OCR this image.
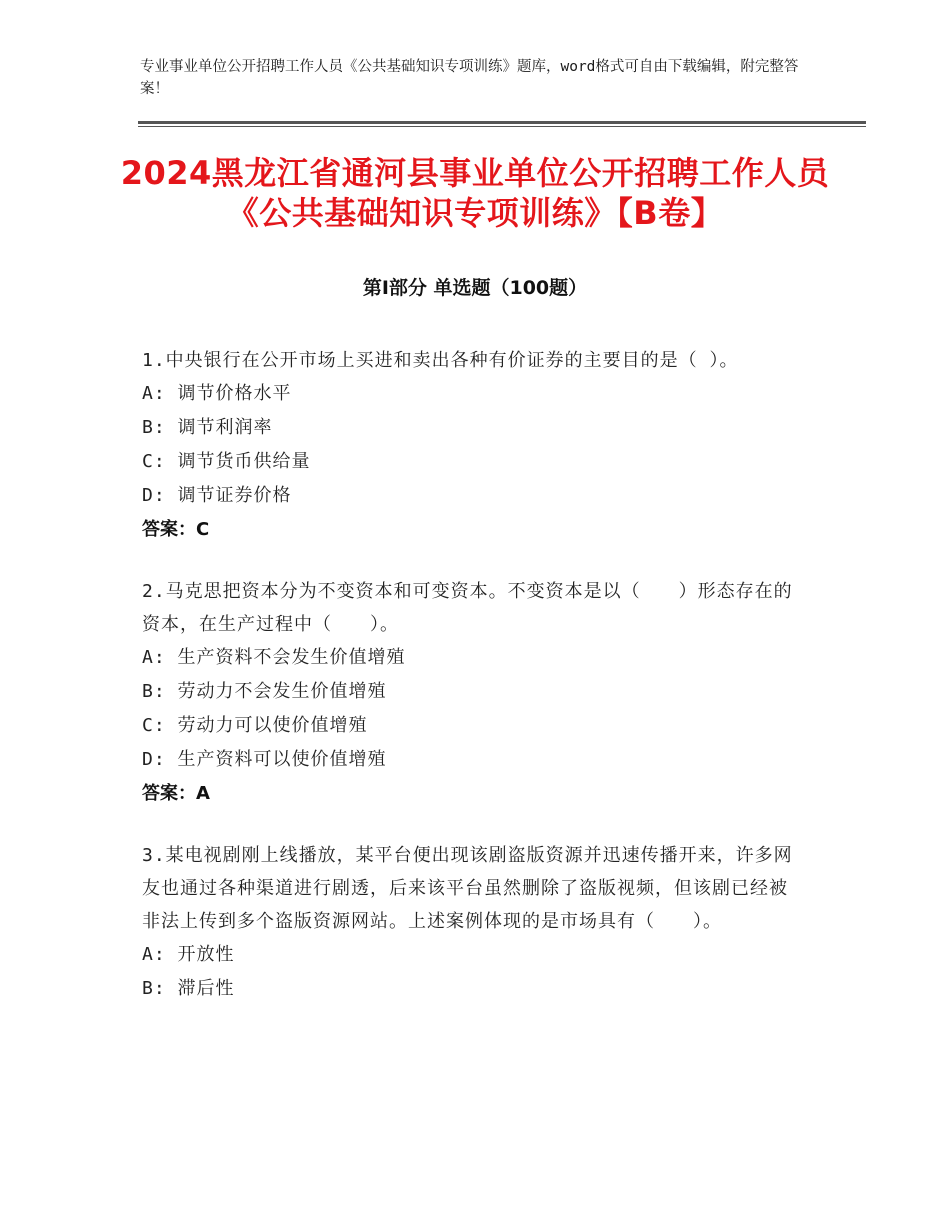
专业事业单位公开招聘工作人员《公共基础知识专项训练》题库，word格式可自由下载编辑，附完整答案！
2024黑龙江省通河县事业单位公开招聘工作人员《公共基础知识专项训练》【B卷】
第Ⅰ部分 单选题（100题）

1.中央银行在公开市场上买进和卖出各种有价证券的主要目的是（ ）。

A: 调节价格水平

B: 调节利润率

C: 调节货币供给量

D: 调节证券价格

答案：C

2.马克思把资本分为不变资本和可变资本。不变资本是以（　　）形态存在的资本，在生产过程中（　　）。

A: 生产资料不会发生价值增殖

B: 劳动力不会发生价值增殖

C: 劳动力可以使价值增殖

D: 生产资料可以使价值增殖

答案：A

3.某电视剧刚上线播放，某平台便出现该剧盗版资源并迅速传播开来，许多网友也通过各种渠道进行剧透，后来该平台虽然删除了盗版视频，但该剧已经被非法上传到多个盗版资源网站。上述案例体现的是市场具有（　　）。

A: 开放性

B: 滞后性
